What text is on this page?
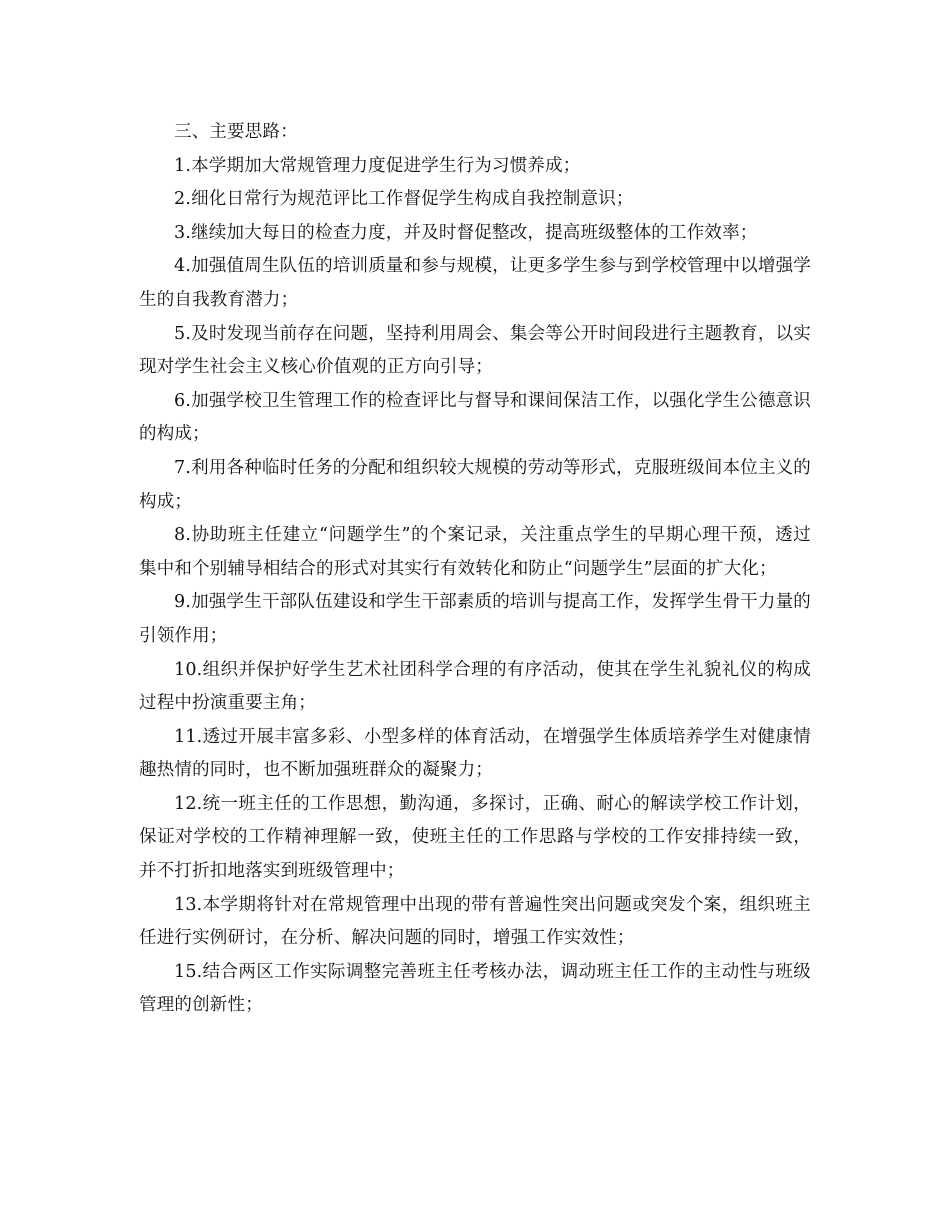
三、主要思路：

1.本学期加大常规管理力度促进学生行为习惯养成；

2.细化日常行为规范评比工作督促学生构成自我控制意识；

3.继续加大每日的检查力度，并及时督促整改，提高班级整体的工作效率；

4.加强值周生队伍的培训质量和参与规模，让更多学生参与到学校管理中以增强学生的自我教育潜力；

5.及时发现当前存在问题，坚持利用周会、集会等公开时间段进行主题教育，以实现对学生社会主义核心价值观的正方向引导；

6.加强学校卫生管理工作的检查评比与督导和课间保洁工作，以强化学生公德意识的构成；

7.利用各种临时任务的分配和组织较大规模的劳动等形式，克服班级间本位主义的构成；

8.协助班主任建立“问题学生”的个案记录，关注重点学生的早期心理干预，透过集中和个别辅导相结合的形式对其实行有效转化和防止“问题学生”层面的扩大化；

9.加强学生干部队伍建设和学生干部素质的培训与提高工作，发挥学生骨干力量的引领作用；

10.组织并保护好学生艺术社团科学合理的有序活动，使其在学生礼貌礼仪的构成过程中扮演重要主角；

11.透过开展丰富多彩、小型多样的体育活动，在增强学生体质培养学生对健康情趣热情的同时，也不断加强班群众的凝聚力；

12.统一班主任的工作思想，勤沟通，多探讨，正确、耐心的解读学校工作计划，保证对学校的工作精神理解一致，使班主任的工作思路与学校的工作安排持续一致，并不打折扣地落实到班级管理中；

13.本学期将针对在常规管理中出现的带有普遍性突出问题或突发个案，组织班主任进行实例研讨，在分析、解决问题的同时，增强工作实效性；

15.结合两区工作实际调整完善班主任考核办法，调动班主任工作的主动性与班级管理的创新性；
